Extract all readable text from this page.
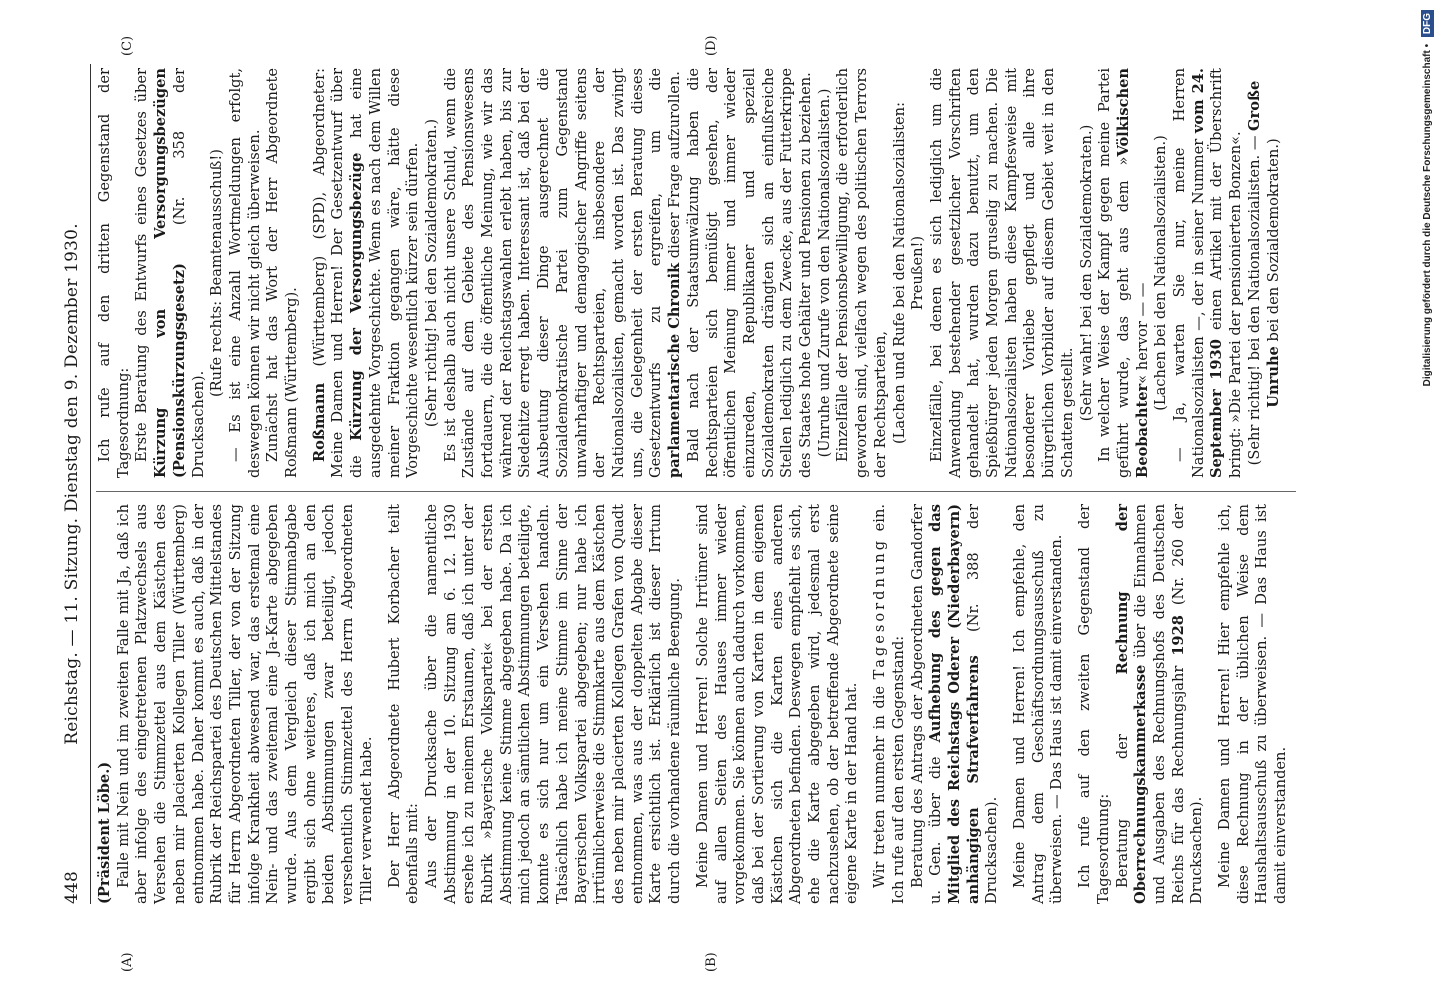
448
Reichstag. — 11. Sitzung. Dienstag den 9. Dezember 1930.
(A)	(B)
(C)	(D)

(Präsident Löbe.) Falle mit Nein und im zweiten Falle mit Ja, daß ich aber infolge des eingetretenen Platzwechsels aus Versehen die Stimmzettel aus dem Kästchen des neben mir placierten Kollegen Tiller (Württemberg) entnommen habe. Daher kommt es auch, daß in der Rubrik der Reichspartei des Deutschen Mittelstandes für Herrn Abgeordneten Tiller, der von der Sitzung infolge Krankheit abwesend war, das erstemal eine Nein- und das zweitemal eine Ja-Karte abgegeben wurde. Aus dem Vergleich dieser Stimmabgabe ergibt sich ohne weiteres, daß ich mich an den beiden Abstimmungen zwar beteiligt, jedoch versehentlich Stimmzettel des Herrn Abgeordneten Tiller verwendet habe. Der Herr Abgeordnete Hubert Korbacher teilt ebenfalls mit: Aus der Drucksache über die namentliche Abstimmung in der 10. Sitzung am 6. 12. 1930 ersehe ich zu meinem Erstaunen, daß ich unter der Rubrik »Bayerische Volkspartei« bei der ersten Abstimmung keine Stimme abgegeben habe. Da ich mich jedoch an sämtlichen Abstimmungen beteiligte, konnte es sich nur um ein Versehen handeln. Tatsächlich habe ich meine Stimme im Sinne der Bayerischen Volkspartei abgegeben; nur habe ich irrtümlicherweise die Stimmkarte aus dem Kästchen des neben mir placierten Kollegen Grafen von Quadt entnommen, was aus der doppelten Abgabe dieser Karte ersichtlich ist. Erklärlich ist dieser Irrtum durch die vorhandene räumliche Beengung. Meine Damen und Herren! Solche Irrtümer sind auf allen Seiten des Hauses immer wieder vorgekommen. Sie können auch dadurch vorkommen, daß bei der Sortierung von Karten in dem eigenen Kästchen sich die Karten eines anderen Abgeordneten befinden. Deswegen empfiehlt es sich, ehe die Karte abgegeben wird, jedesmal erst nachzusehen, ob der betreffende Abgeordnete seine eigene Karte in der Hand hat. Wir treten nunmehr in die Tagesordnung ein. Ich rufe auf den ersten Gegenstand: Beratung des Antrags der Abgeordneten Gandorfer u. Gen. über die Aufhebung des gegen das Mitglied des Reichstags Oderer (Niederbayern) anhängigen Strafverfahrens (Nr. 388 der Drucksachen). Meine Damen und Herren! Ich empfehle, den Antrag dem Geschäftsordnungsausschuß zu überweisen. — Das Haus ist damit einverstanden. Ich rufe auf den zweiten Gegenstand der Tagesordnung: Beratung der Rechnung der Oberrechnungskammerkasse über die Einnahmen und Ausgaben des Rechnungshofs des Deutschen Reichs für das Rechnungsjahr 1928 (Nr. 260 der Drucksachen). Meine Damen und Herren! Hier empfehle ich, diese Rechnung in der üblichen Weise dem Haushaltsausschuß zu überweisen. — Das Haus ist damit einverstanden.

Ich rufe auf den dritten Gegenstand der Tagesordnung: Erste Beratung des Entwurfs eines Gesetzes über Kürzung von Versorgungsbezügen (Pensionskürzungsgesetz) (Nr. 358 der Drucksachen).

(Rufe rechts: Beamtenausschuß!) — Es ist eine Anzahl Wortmeldungen erfolgt, deswegen können wir nicht gleich überweisen. Zunächst hat das Wort der Herr Abgeordnete Roßmann (Württemberg). Roßmann (Württemberg) (SPD), Abgeordneter: Meine Damen und Herren! Der Gesetzentwurf über die Kürzung der Versorgungsbezüge hat eine ausgedehnte Vorgeschichte. Wenn es nach dem Willen meiner Fraktion gegangen wäre, hätte diese Vorgeschichte wesentlich kürzer sein dürfen. (Sehr richtig! bei den Sozialdemokraten.) Es ist deshalb auch nicht unsere Schuld, wenn die Zustände auf dem Gebiete des Pensionswesens fortdauern, die die öffentliche Meinung, wie wir das während der Reichstagswahlen erlebt haben, bis zur Siedehitze erregt haben. Interessant ist, daß bei der Ausbeutung dieser Dinge ausgerechnet die Sozialdemokratische Partei zum Gegenstand unwahrhaftiger und demagogischer Angriffe seitens der Rechtsparteien, insbesondere der Nationalsozialisten, gemacht worden ist. Das zwingt uns, die Gelegenheit der ersten Beratung dieses Gesetzentwurfs zu ergreifen, um die parlamentarische Chronik dieser Frage aufzurollen. Bald nach der Staatsumwälzung haben die Rechtsparteien sich bemüßigt gesehen, der öffentlichen Meinung immer und immer wieder einzureden, Republikaner und speziell Sozialdemokraten drängten sich an einflußreiche Stellen lediglich zu dem Zwecke, aus der Futterkrippe des Staates hohe Gehälter und Pensionen zu beziehen. (Unruhe und Zurufe von den Nationalsozialisten.) Einzelfälle der Pensionsbewilligung, die erforderlich geworden sind, vielfach wegen des politischen Terrors der Rechtsparteien, (Lachen und Rufe bei den Nationalsozialisten: Preußen!) Einzelfälle, bei denen es sich lediglich um die Anwendung bestehender gesetzlicher Vorschriften gehandelt hat, wurden dazu benutzt, um den Spießbürger jeden Morgen gruselig zu machen. Die Nationalsozialisten haben diese Kampfesweise mit besonderer Vorliebe gepflegt und alle ihre bürgerlichen Vorbilder auf diesem Gebiet weit in den Schatten gestellt. (Sehr wahr! bei den Sozialdemokraten.) In welcher Weise der Kampf gegen meine Partei geführt wurde, das geht aus dem »Völkischen Beobachter« hervor — — (Lachen bei den Nationalsozialisten.) — Ja, warten Sie nur, meine Herren Nationalsozialisten —, der in seiner Nummer vom 24. September 1930 einen Artikel mit der Überschrift bringt: »Die Partei der pensionierten Bonzen«. (Sehr richtig! bei den Nationalsozialisten. — Große Unruhe bei den Sozialdemokraten.)	Digitalisierung gefördert durch die Deutsche Forschungsgemeinschaft • DFG
